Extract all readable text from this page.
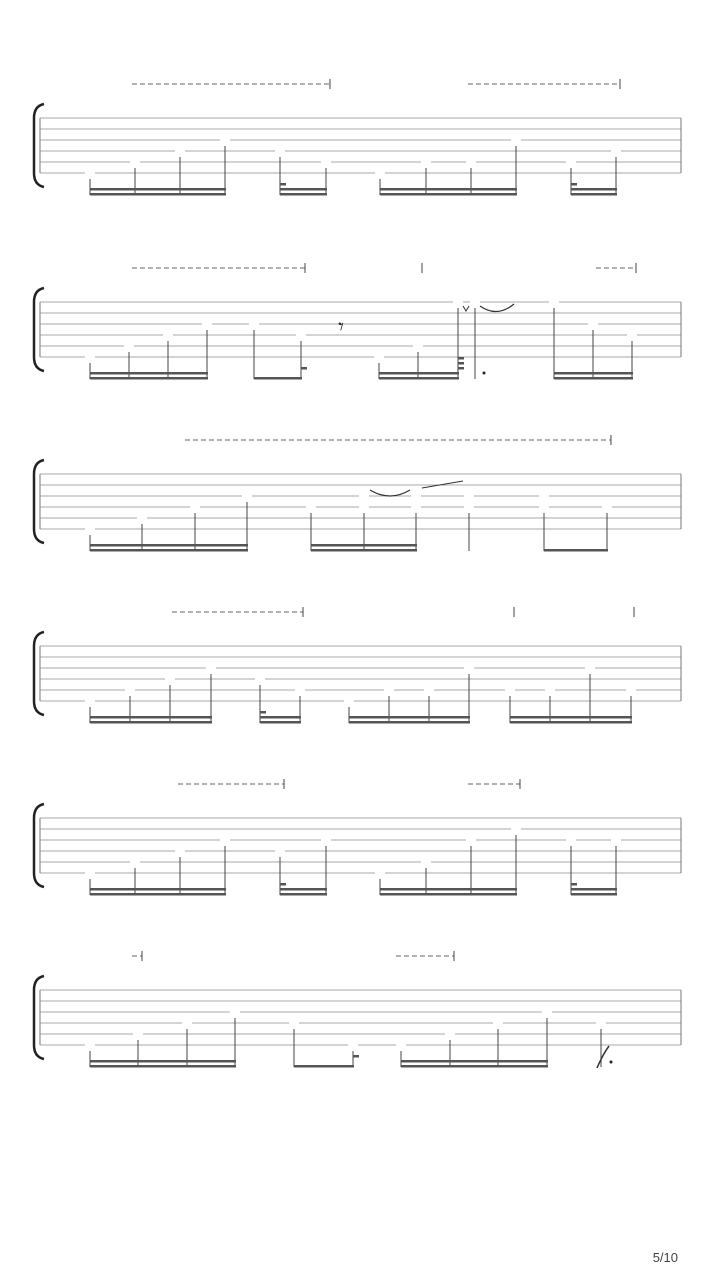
𝄾
5/10
